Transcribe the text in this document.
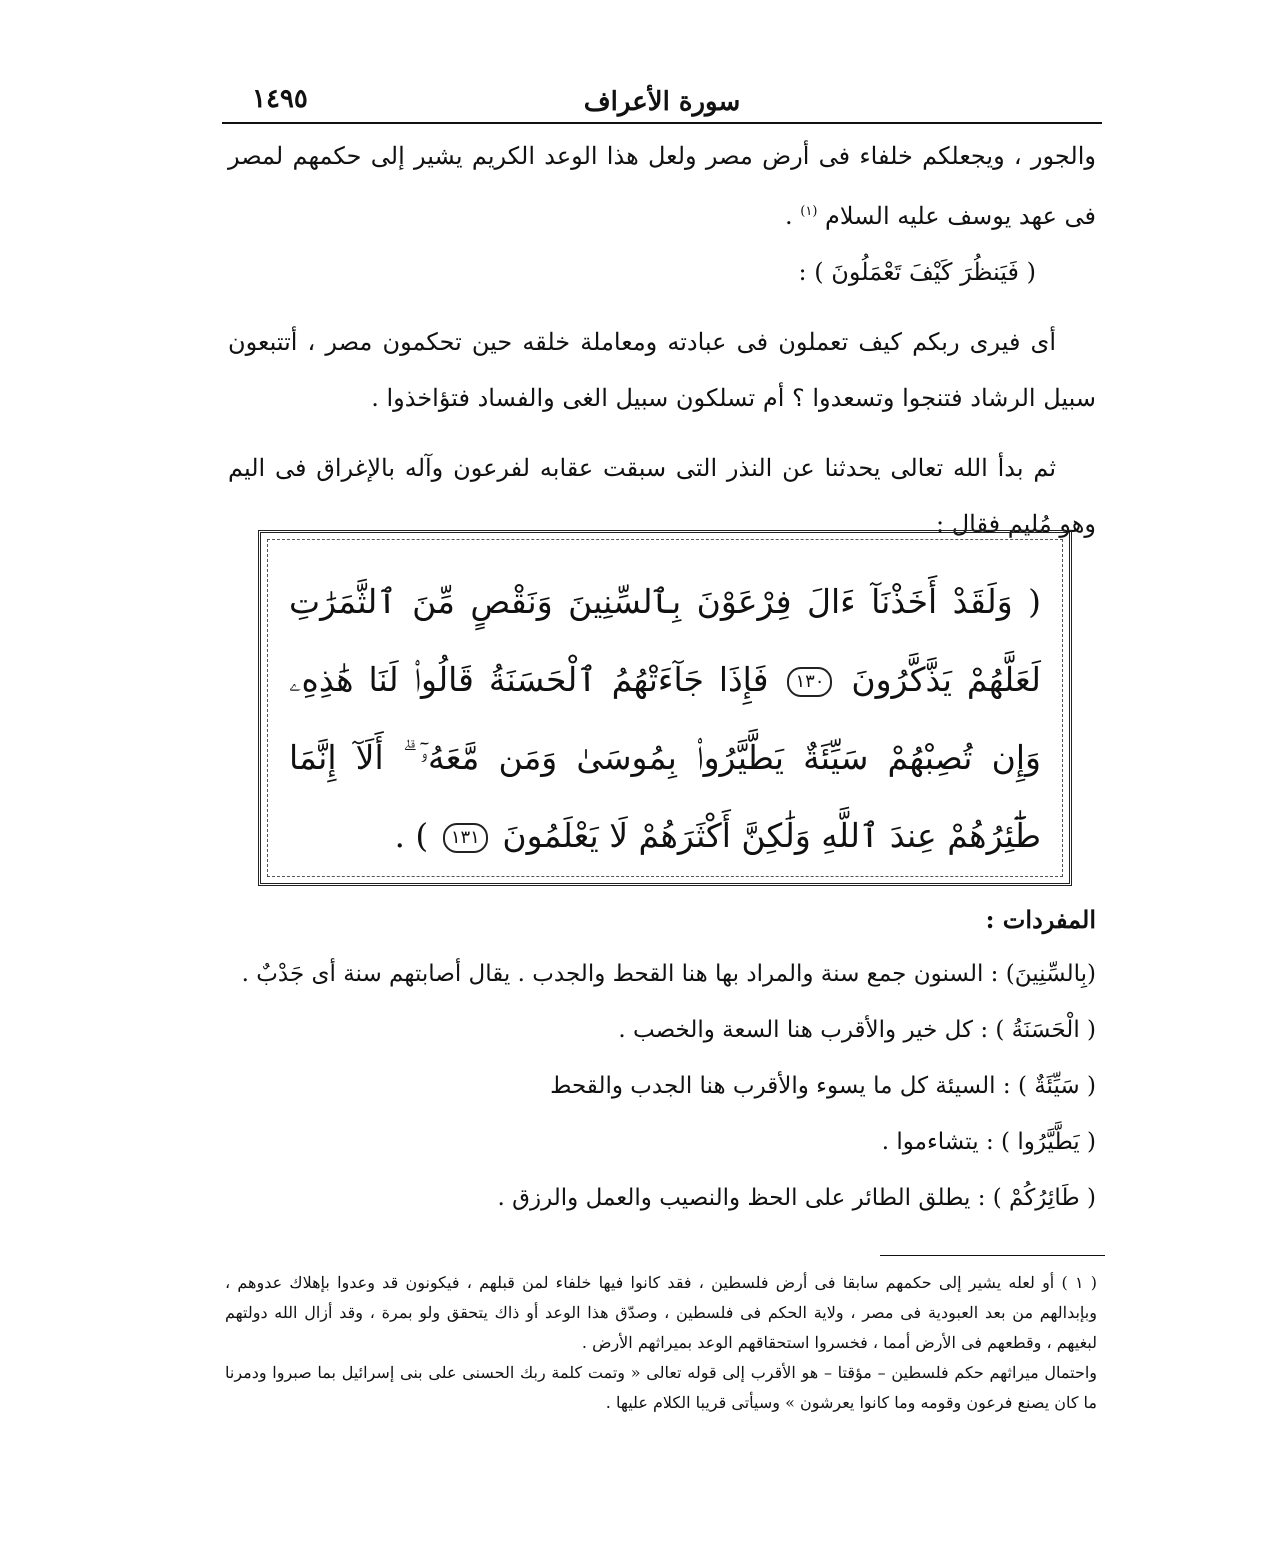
سورة الأعراف
١٤٩٥

والجور ، ويجعلكم خلفاء فى أرض مصر ولعل هذا الوعد الكريم يشير إلى حكمهم لمصر فى عهد يوسف عليه السلام $^{(١)}$ .

( فَيَنظُرَ كَيْفَ تَعْمَلُونَ ) :

أى فيرى ربكم كيف تعملون فى عبادته ومعاملة خلقه حين تحكمون مصر ، أتتبعون سبيل الرشاد فتنجوا وتسعدوا ؟ أم تسلكون سبيل الغى والفساد فتؤاخذوا .

ثم بدأ الله تعالى يحدثنا عن النذر التى سبقت عقابه لفرعون وآله بالإغراق فى اليم وهو مُليم فقال :

( وَلَقَدْ أَخَذْنَآ ءَالَ فِرْعَوْنَ بِٱلسِّنِينَ وَنَقْصٍ مِّنَ ٱلثَّمَرَٰتِ لَعَلَّهُمْ يَذَّكَّرُونَ ١٣٠ فَإِذَا جَآءَتْهُمُ ٱلْحَسَنَةُ قَالُوا۟ لَنَا هَٰذِهِۦ وَإِن تُصِبْهُمْ سَيِّئَةٌ يَطَّيَّرُوا۟ بِمُوسَىٰ وَمَن مَّعَهُۥٓ ۗ أَلَآ إِنَّمَا طَٰٓئِرُهُمْ عِندَ ٱللَّهِ وَلَٰكِنَّ أَكْثَرَهُمْ لَا يَعْلَمُونَ ١٣١ ) .
المفردات :
(بِالسِّنِينَ) : السنون جمع سنة والمراد بها هنا القحط والجدب . يقال أصابتهم سنة أى جَدْبٌ .
( الْحَسَنَةُ ) : كل خير والأقرب هنا السعة والخصب .
( سَيِّئَةٌ ) : السيئة كل ما يسوء والأقرب هنا الجدب والقحط
( يَطَّيَّرُوا ) : يتشاءموا .
( طَائِرُكُمْ ) : يطلق الطائر على الحظ والنصيب والعمل والرزق .

( ١ ) أو لعله يشير إلى حكمهم سابقا فى أرض فلسطين ، فقد كانوا فيها خلفاء لمن قبلهم ، فيكونون قد وعدوا بإهلاك عدوهم ، وبإبدالهم من بعد العبودية فى مصر ، ولاية الحكم فى فلسطين ، وصدّق هذا الوعد أو ذاك يتحقق ولو بمرة ، وقد أزال الله دولتهم لبغيهم ، وقطعهم فى الأرض أمما ، فخسروا استحقاقهم الوعد بميراثهم الأرض .

واحتمال ميراثهم حكم فلسطين – مؤقتا – هو الأقرب إلى قوله تعالى « وتمت كلمة ربك الحسنى على بنى إسرائيل بما صبروا ودمرنا ما كان يصنع فرعون وقومه وما كانوا يعرشون » وسيأتى قريبا الكلام عليها .
